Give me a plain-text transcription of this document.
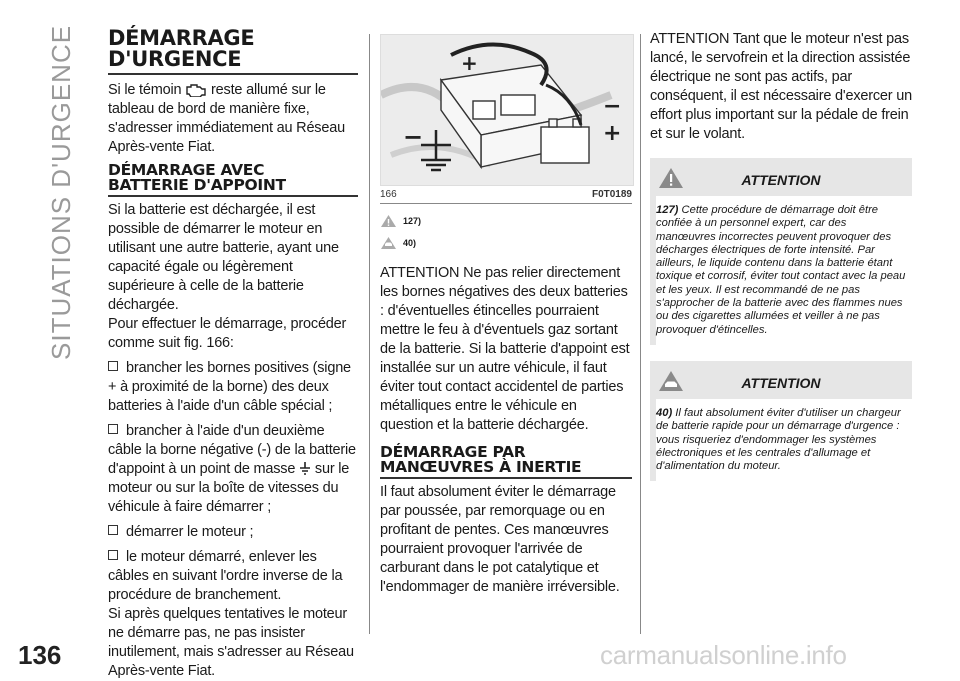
SITUATIONS D'URGENCE
136	carmanualsonline.info
DÉMARRAGE
D'URGENCE

Si le témoin reste allumé sur le tableau de bord de manière fixe, s'adresser immédiatement au Réseau Après-vente Fiat.

DÉMARRAGE AVEC
BATTERIE D'APPOINT

Si la batterie est déchargée, il est possible de démarrer le moteur en utilisant une autre batterie, ayant une capacité égale ou légèrement supérieure à celle de la batterie déchargée.

Pour effectuer le démarrage, procéder comme suit fig. 166:

brancher les bornes positives (signe + à proximité de la borne) des deux batteries à l'aide d'un câble spécial ;

brancher à l'aide d'un deuxième câble la borne négative (-) de la batterie d'appoint à un point de masse sur le moteur ou sur la boîte de vitesses du véhicule à faire démarrer ;

démarrer le moteur ;

le moteur démarré, enlever les câbles en suivant l'ordre inverse de la procédure de branchement.

Si après quelques tentatives le moteur ne démarre pas, ne pas insister inutilement, mais s'adresser au Réseau Après-vente Fiat.

+
+
−
−
166	F0T0189
127)
40)

ATTENTION Ne pas relier directement les bornes négatives des deux batteries : d'éventuelles étincelles pourraient mettre le feu à d'éventuels gaz sortant de la batterie. Si la batterie d'appoint est installée sur un autre véhicule, il faut éviter tout contact accidentel de parties métalliques entre le véhicule en question et la batterie déchargée.

DÉMARRAGE PAR
MANŒUVRES À INERTIE

Il faut absolument éviter le démarrage par poussée, par remorquage ou en profitant de pentes. Ces manœuvres pourraient provoquer l'arrivée de carburant dans le pot catalytique et l'endommager de manière irréversible.

ATTENTION Tant que le moteur n'est pas lancé, le servofrein et la direction assistée électrique ne sont pas actifs, par conséquent, il est nécessaire d'exercer un effort plus important sur la pédale de frein et sur le volant.

ATTENTION
127) Cette procédure de démarrage doit être confiée à un personnel expert, car des manœuvres incorrectes peuvent provoquer des décharges électriques de forte intensité. Par ailleurs, le liquide contenu dans la batterie étant toxique et corrosif, éviter tout contact avec la peau et les yeux. Il est recommandé de ne pas s'approcher de la batterie avec des flammes nues ou des cigarettes allumées et veiller à ne pas provoquer d'étincelles.
ATTENTION
40) Il faut absolument éviter d'utiliser un chargeur de batterie rapide pour un démarrage d'urgence : vous risqueriez d'endommager les systèmes électroniques et les centrales d'allumage et d'alimentation du moteur.
